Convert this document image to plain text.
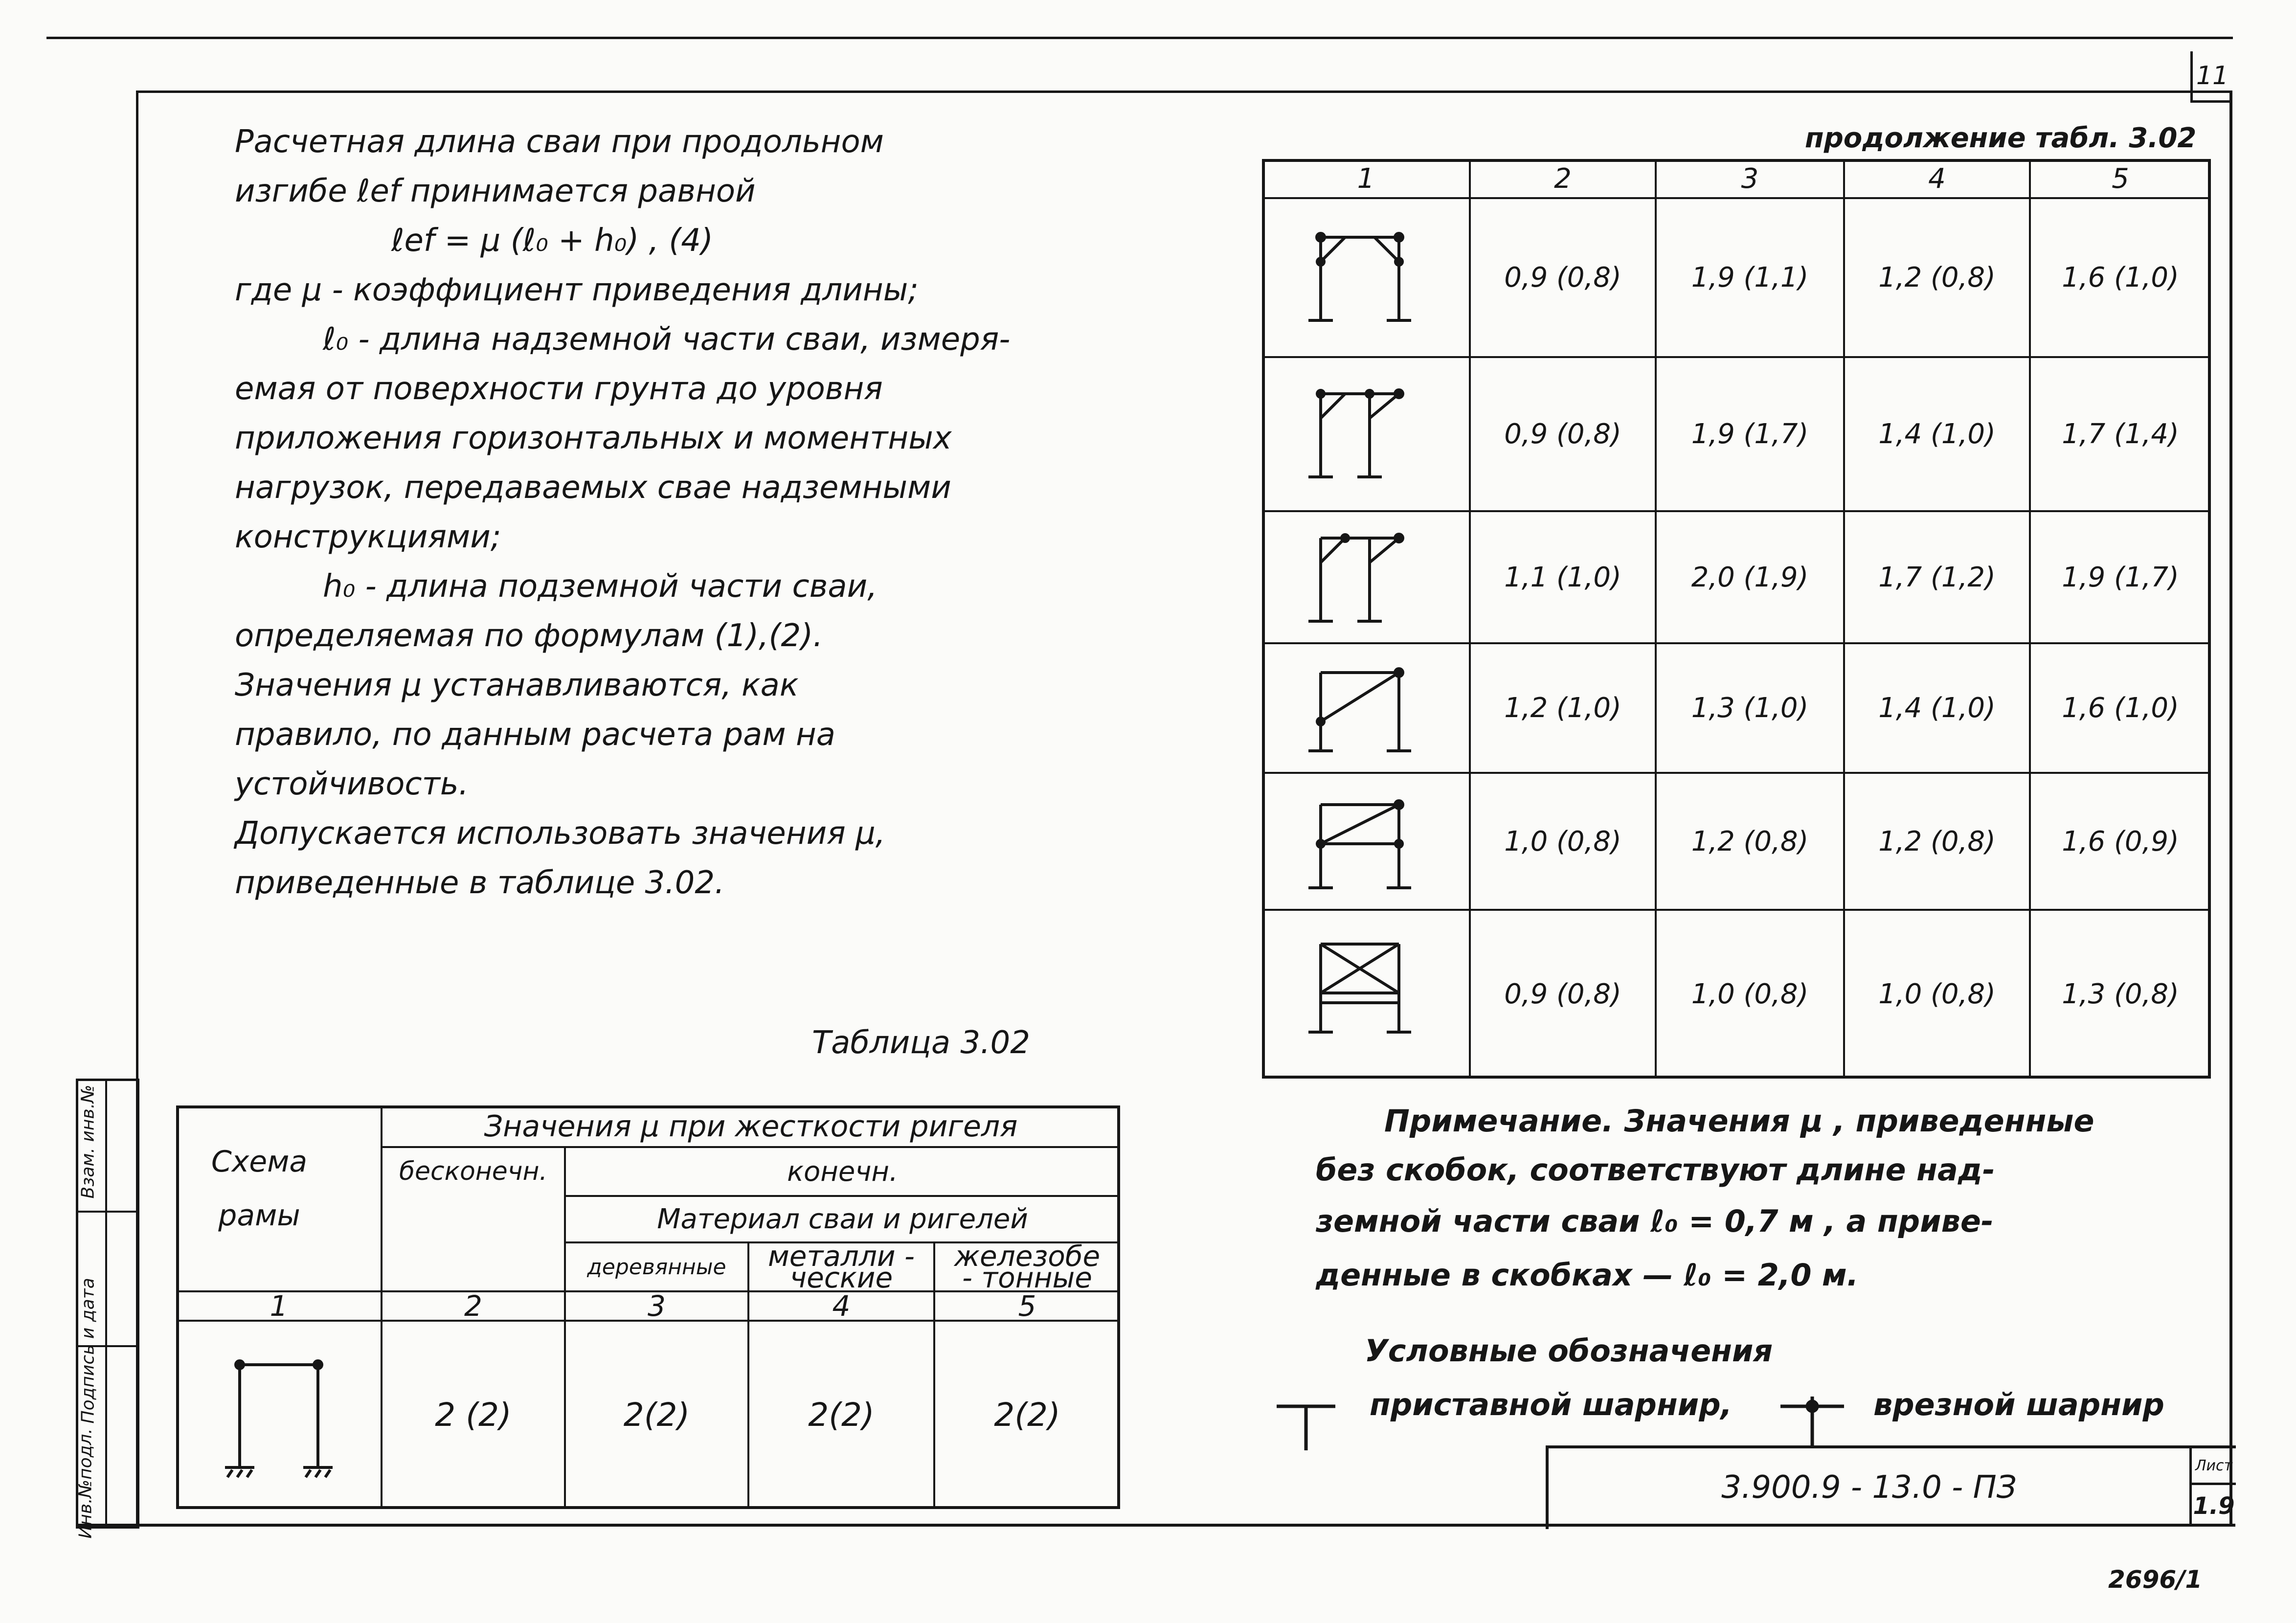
11
Инв.№подл.
Подпись и дата
Взам. инв.№

Расчетная длина сваи при продольном

изгибе ℓef принимается равной

ℓef = μ (ℓ₀ + h₀) , (4)

где μ - коэффициент приведения длины;

ℓ₀ - длина надземной части сваи, измеря-

емая от поверхности грунта до уровня

приложения горизонтальных и моментных

нагрузок, передаваемых свае надземными

конструкциями;

h₀ - длина подземной части сваи,

определяемая по формулам (1),(2).

Значения μ устанавливаются, как

правило, по данным расчета рам на

устойчивость.

Допускается использовать значения μ,

приведенные в таблице 3.02.

Таблица 3.02
Схема рамы
Значения μ при жесткости ригеля
бесконечн.	конечн.
Материал сваи и ригелей
деревянные	металли - ческие
железобе - тонные
1	2	3	4	5
2 (2)	2(2)	2(2)	2(2)
продолжение табл. 3.02
1	2	3	4	5
0,9 (0,8)	1,9 (1,1)	1,2 (0,8)	1,6 (1,0)
0,9 (0,8)	1,9 (1,7)	1,4 (1,0)	1,7 (1,4)
1,1 (1,0)	2,0 (1,9)	1,7 (1,2)	1,9 (1,7)
1,2 (1,0)	1,3 (1,0)	1,4 (1,0)	1,6 (1,0)
1,0 (0,8)	1,2 (0,8)	1,2 (0,8)	1,6 (0,9)
0,9 (0,8)	1,0 (0,8)	1,0 (0,8)	1,3 (0,8)
Примечание. Значения μ , приведенные
без скобок, соответствуют длине над-
земной части сваи ℓ₀ = 0,7 м , а приве-
денные в скобках — ℓ₀ = 2,0 м.
Условные обозначения
приставной шарнир,	врезной шарнир
3.900.9 - 13.0 - ПЗ
Лист
1.9
2696/1
